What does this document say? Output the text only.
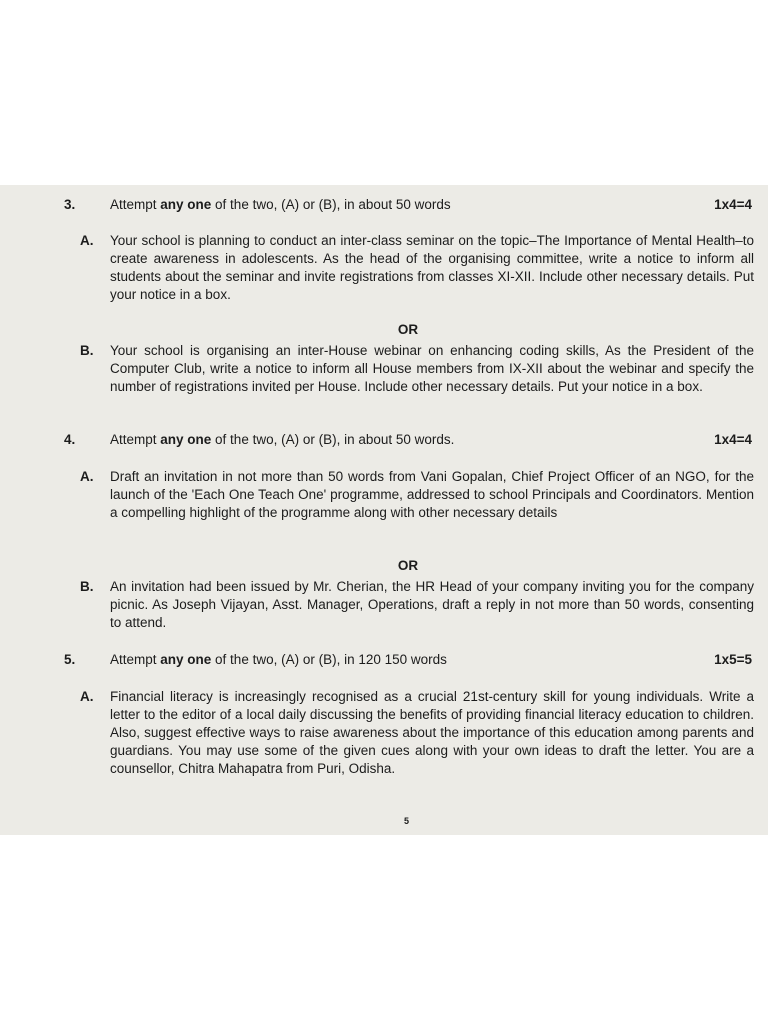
3.	Attempt any one of the two, (A) or (B), in about 50 words	1x4=4
A. Your school is planning to conduct an inter-class seminar on the topic–The Importance of Mental Health–to create awareness in adolescents. As the head of the organising committee, write a notice to inform all students about the seminar and invite registrations from classes XI-XII. Include other necessary details. Put your notice in a box.
OR
B. Your school is organising an inter-House webinar on enhancing coding skills, As the President of the Computer Club, write a notice to inform all House members from IX-XII about the webinar and specify the number of registrations invited per House. Include other necessary details. Put your notice in a box.
4.	Attempt any one of the two, (A) or (B), in about 50 words.	1x4=4
A. Draft an invitation in not more than 50 words from Vani Gopalan, Chief Project Officer of an NGO, for the launch of the 'Each One Teach One' programme, addressed to school Principals and Coordinators. Mention a compelling highlight of the programme along with other necessary details
OR
B. An invitation had been issued by Mr. Cherian, the HR Head of your company inviting you for the company picnic. As Joseph Vijayan, Asst. Manager, Operations, draft a reply in not more than 50 words, consenting to attend.
5.	Attempt any one of the two, (A) or (B), in 120 150 words	1x5=5
A. Financial literacy is increasingly recognised as a crucial 21st-century skill for young individuals. Write a letter to the editor of a local daily discussing the benefits of providing financial literacy education to children. Also, suggest effective ways to raise awareness about the importance of this education among parents and guardians. You may use some of the given cues along with your own ideas to draft the letter. You are a counsellor, Chitra Mahapatra from Puri, Odisha.
5
